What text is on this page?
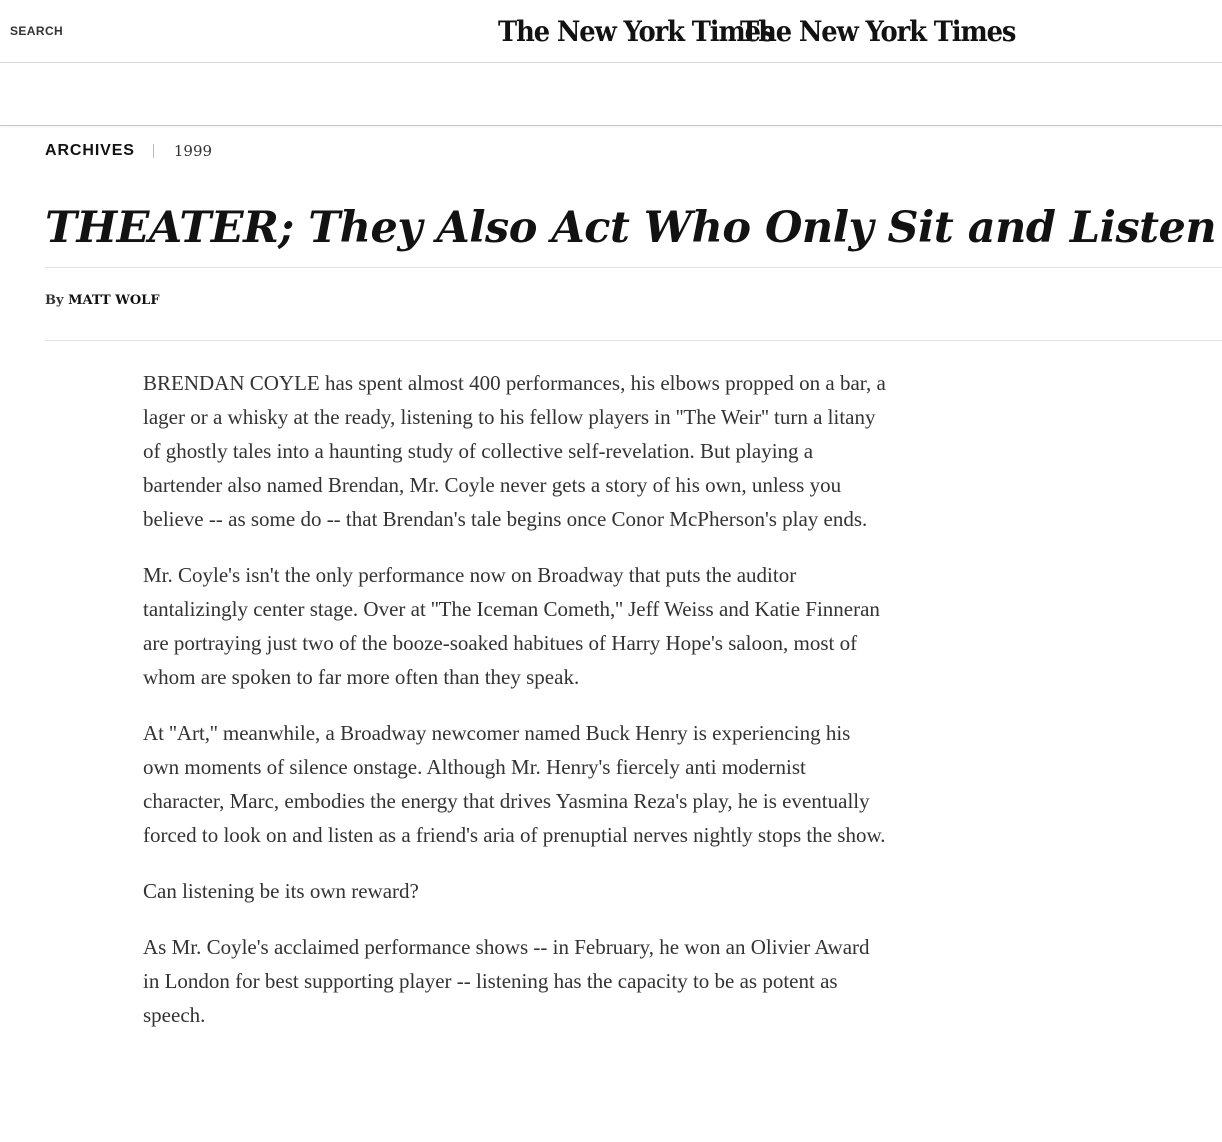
SEARCH	The New York Times
The New York Times
ARCHIVES	1999
THEATER; They Also Act Who Only Sit and Listen

By MATT WOLF

BRENDAN COYLE has spent almost 400 performances, his elbows propped on a bar, a lager or a whisky at the ready, listening to his fellow players in ''The Weir'' turn a litany of ghostly tales into a haunting study of collective self-revelation. But playing a bartender also named Brendan, Mr. Coyle never gets a story of his own, unless you believe -- as some do -- that Brendan's tale begins once Conor McPherson's play ends.

Mr. Coyle's isn't the only performance now on Broadway that puts the auditor tantalizingly center stage. Over at ''The Iceman Cometh,'' Jeff Weiss and Katie Finneran are portraying just two of the booze-soaked habitues of Harry Hope's saloon, most of whom are spoken to far more often than they speak.

At ''Art,'' meanwhile, a Broadway newcomer named Buck Henry is experiencing his own moments of silence onstage. Although Mr. Henry's fiercely anti modernist character, Marc, embodies the energy that drives Yasmina Reza's play, he is eventually forced to look on and listen as a friend's aria of prenuptial nerves nightly stops the show.

Can listening be its own reward?

As Mr. Coyle's acclaimed performance shows -- in February, he won an Olivier Award in London for best supporting player -- listening has the capacity to be as potent as speech.
